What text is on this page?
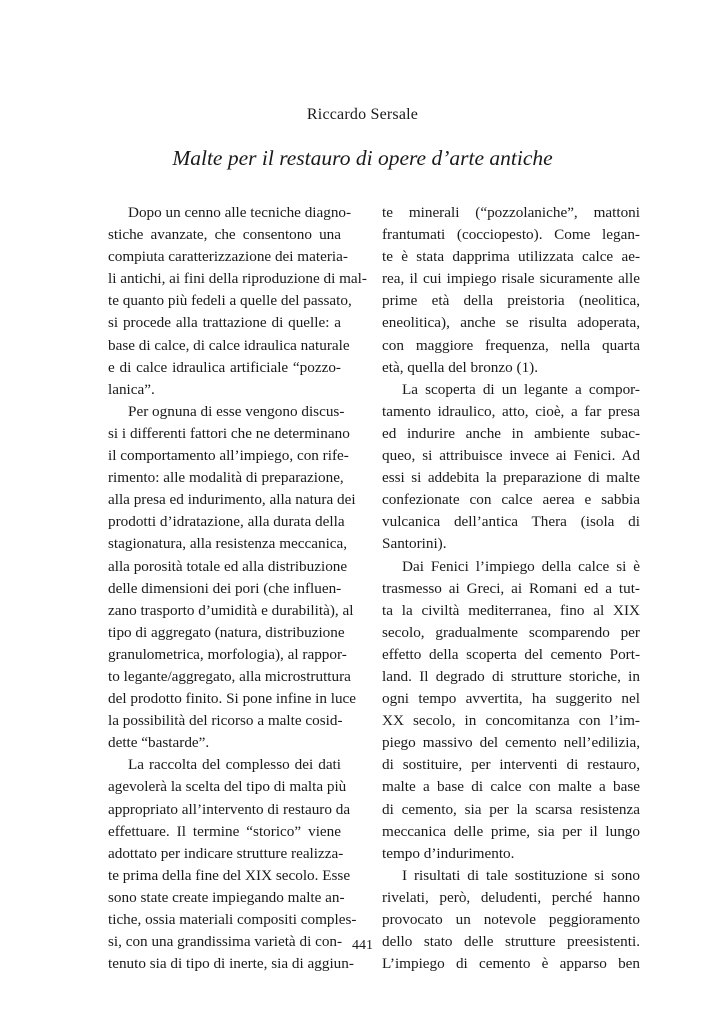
Riccardo Sersale
Malte per il restauro di opere d’arte antiche
Dopo un cenno alle tecniche diagno-
stiche avanzate, che consentono una
compiuta caratterizzazione dei materia-
li antichi, ai fini della riproduzione di mal-
te quanto più fedeli a quelle del passato,
si procede alla trattazione di quelle: a
base di calce, di calce idraulica naturale
e di calce idraulica artificiale “pozzo-
lanica”.
Per ognuna di esse vengono discus-
si i differenti fattori che ne determinano
il comportamento all’impiego, con rife-
rimento: alle modalità di preparazione,
alla presa ed indurimento, alla natura dei
prodotti d’idratazione, alla durata della
stagionatura, alla resistenza meccanica,
alla porosità totale ed alla distribuzione
delle dimensioni dei pori (che influen-
zano trasporto d’umidità e durabilità), al
tipo di aggregato (natura, distribuzione
granulometrica, morfologia), al rappor-
to legante/aggregato, alla microstruttura
del prodotto finito. Si pone infine in luce
la possibilità del ricorso a malte cosid-
dette “bastarde”.
La raccolta del complesso dei dati
agevolerà la scelta del tipo di malta più
appropriato all’intervento di restauro da
effettuare. Il termine “storico” viene
adottato per indicare strutture realizza-
te prima della fine del XIX secolo. Esse
sono state create impiegando malte an-
tiche, ossia materiali compositi comples-
si, con una grandissima varietà di con-
tenuto sia di tipo di inerte, sia di aggiun-
te minerali (“pozzolaniche”, mattoni
frantumati (cocciopesto). Come legan-
te è stata dapprima utilizzata calce ae-
rea, il cui impiego risale sicuramente alle
prime età della preistoria (neolitica,
eneolitica), anche se risulta adoperata,
con maggiore frequenza, nella quarta
età, quella del bronzo (1).
La scoperta di un legante a compor-
tamento idraulico, atto, cioè, a far presa
ed indurire anche in ambiente subac-
queo, si attribuisce invece ai Fenici. Ad
essi si addebita la preparazione di malte
confezionate con calce aerea e sabbia
vulcanica dell’antica Thera (isola di
Santorini).
Dai Fenici l’impiego della calce si è
trasmesso ai Greci, ai Romani ed a tut-
ta la civiltà mediterranea, fino al XIX
secolo, gradualmente scomparendo per
effetto della scoperta del cemento Port-
land. Il degrado di strutture storiche, in
ogni tempo avvertita, ha suggerito nel
XX secolo, in concomitanza con l’im-
piego massivo del cemento nell’edilizia,
di sostituire, per interventi di restauro,
malte a base di calce con malte a base
di cemento, sia per la scarsa resistenza
meccanica delle prime, sia per il lungo
tempo d’indurimento.
I risultati di tale sostituzione si sono
rivelati, però, deludenti, perché hanno
provocato un notevole peggioramento
dello stato delle strutture preesistenti.
L’impiego di cemento è apparso ben
441
